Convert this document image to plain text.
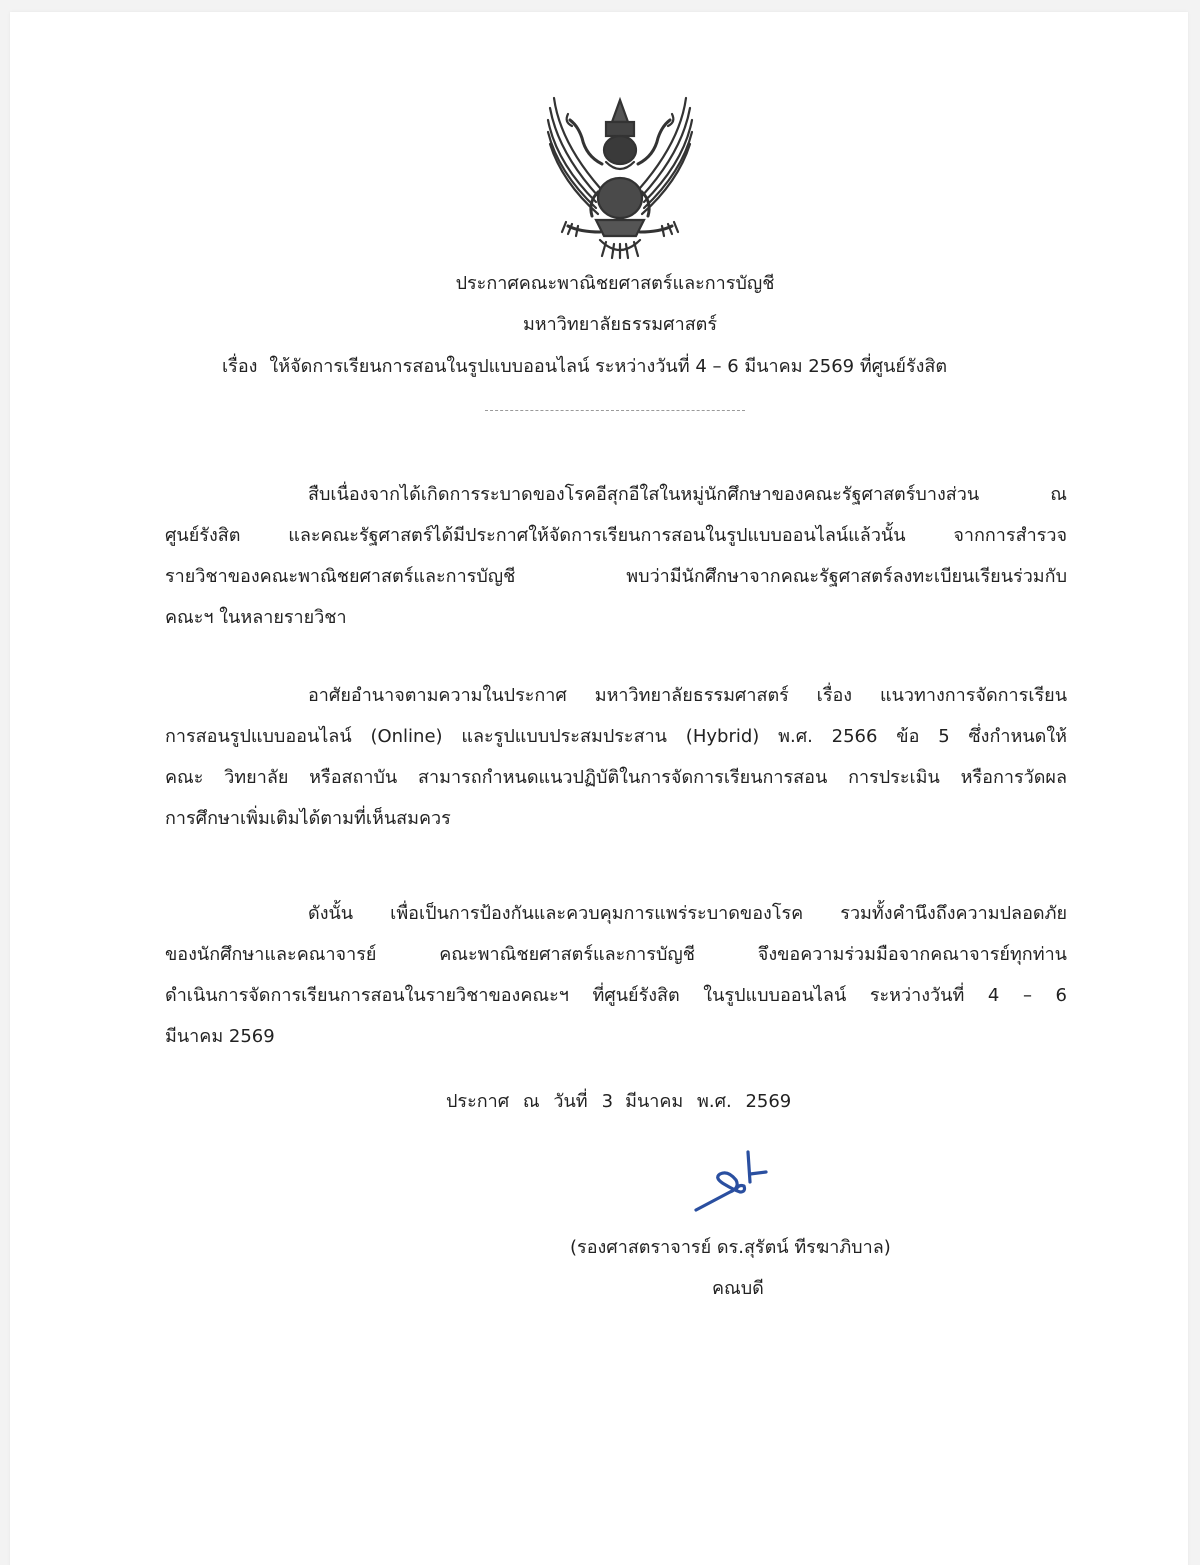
ประกาศคณะพาณิชยศาสตร์และการบัญชี
มหาวิทยาลัยธรรมศาสตร์
เรื่อง ให้จัดการเรียนการสอนในรูปแบบออนไลน์ ระหว่างวันที่ 4 – 6 มีนาคม 2569 ที่ศูนย์รังสิต
สืบเนื่องจากได้เกิดการระบาดของโรคอีสุกอีใสในหมู่นักศึกษาของคณะรัฐศาสตร์บางส่วน ณ
ศูนย์รังสิต และคณะรัฐศาสตร์ได้มีประกาศให้จัดการเรียนการสอนในรูปแบบออนไลน์แล้วนั้น จากการสำรวจ
รายวิชาของคณะพาณิชยศาสตร์และการบัญชี พบว่ามีนักศึกษาจากคณะรัฐศาสตร์ลงทะเบียนเรียนร่วมกับ
คณะฯ ในหลายรายวิชา
อาศัยอำนาจตามความในประกาศ มหาวิทยาลัยธรรมศาสตร์ เรื่อง แนวทางการจัดการเรียน
การสอนรูปแบบออนไลน์ (Online) และรูปแบบประสมประสาน (Hybrid) พ.ศ. 2566 ข้อ 5 ซึ่งกำหนดให้
คณะ วิทยาลัย หรือสถาบัน สามารถกำหนดแนวปฏิบัติในการจัดการเรียนการสอน การประเมิน หรือการวัดผล
การศึกษาเพิ่มเติมได้ตามที่เห็นสมควร
ดังนั้น เพื่อเป็นการป้องกันและควบคุมการแพร่ระบาดของโรค รวมทั้งคำนึงถึงความปลอดภัย
ของนักศึกษาและคณาจารย์ คณะพาณิชยศาสตร์และการบัญชี จึงขอความร่วมมือจากคณาจารย์ทุกท่าน
ดำเนินการจัดการเรียนการสอนในรายวิชาของคณะฯ ที่ศูนย์รังสิต ในรูปแบบออนไลน์ ระหว่างวันที่ 4 – 6
มีนาคม 2569
ประกาศ ณ วันที่ 3 มีนาคม พ.ศ. 2569
(รองศาสตราจารย์ ดร.สุรัตน์ ทีรฆาภิบาล)
คณบดี
